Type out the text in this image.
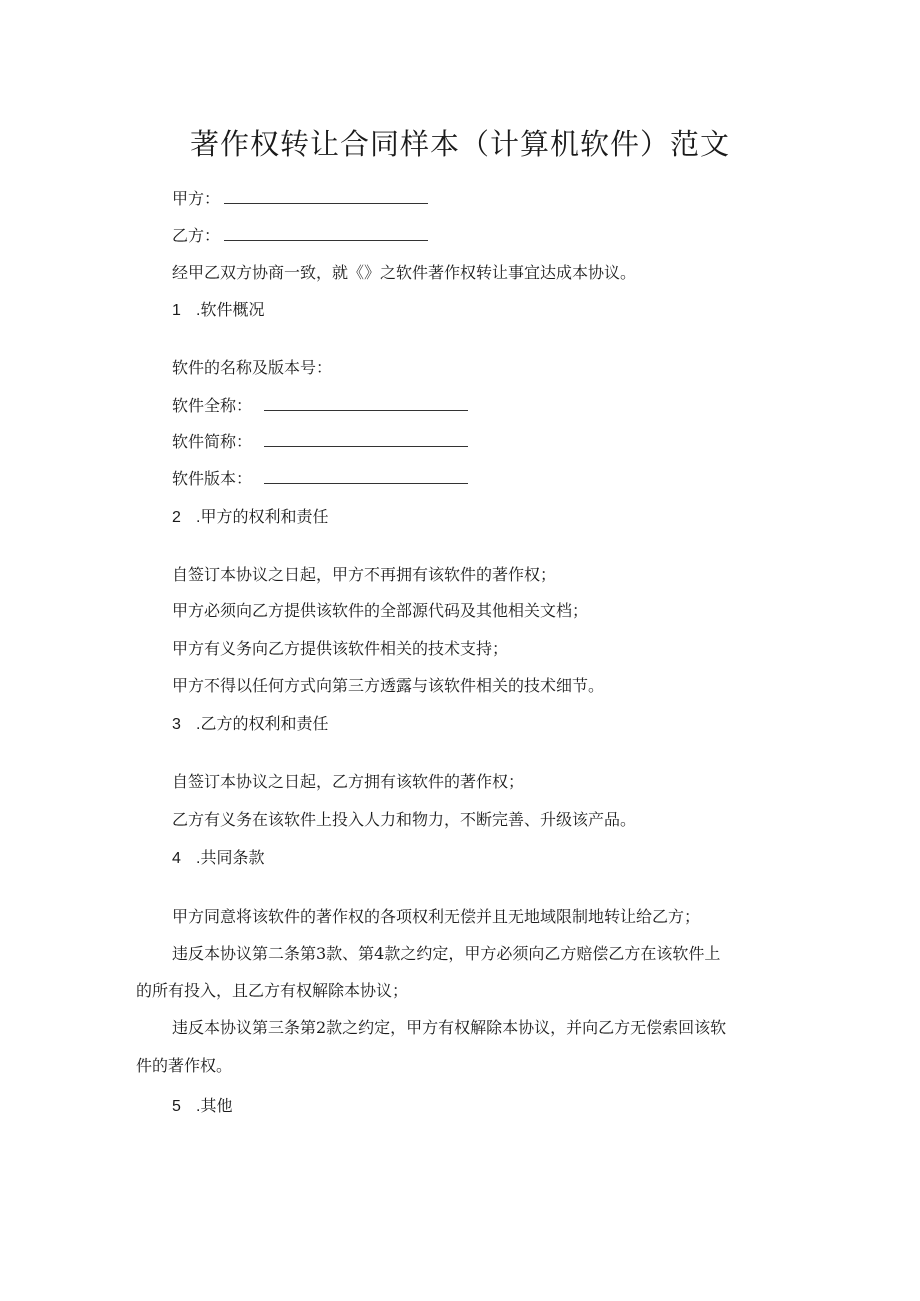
著作权转让合同样本（计算机软件）范文
甲方：
乙方：
经甲乙双方协商一致，就《》之软件著作权转让事宜达成本协议。
1 .软件概况
软件的名称及版本号：
软件全称：
软件简称：
软件版本：
2 .甲方的权利和责任
自签订本协议之日起，甲方不再拥有该软件的著作权；
甲方必须向乙方提供该软件的全部源代码及其他相关文档；
甲方有义务向乙方提供该软件相关的技术支持；
甲方不得以任何方式向第三方透露与该软件相关的技术细节。
3 .乙方的权利和责任
自签订本协议之日起，乙方拥有该软件的著作权；
乙方有义务在该软件上投入人力和物力，不断完善、升级该产品。
4 .共同条款
甲方同意将该软件的著作权的各项权利无偿并且无地域限制地转让给乙方；
违反本协议第二条第3款、第4款之约定，甲方必须向乙方赔偿乙方在该软件上
的所有投入，且乙方有权解除本协议；
违反本协议第三条第2款之约定，甲方有权解除本协议，并向乙方无偿索回该软
件的著作权。
5 .其他
